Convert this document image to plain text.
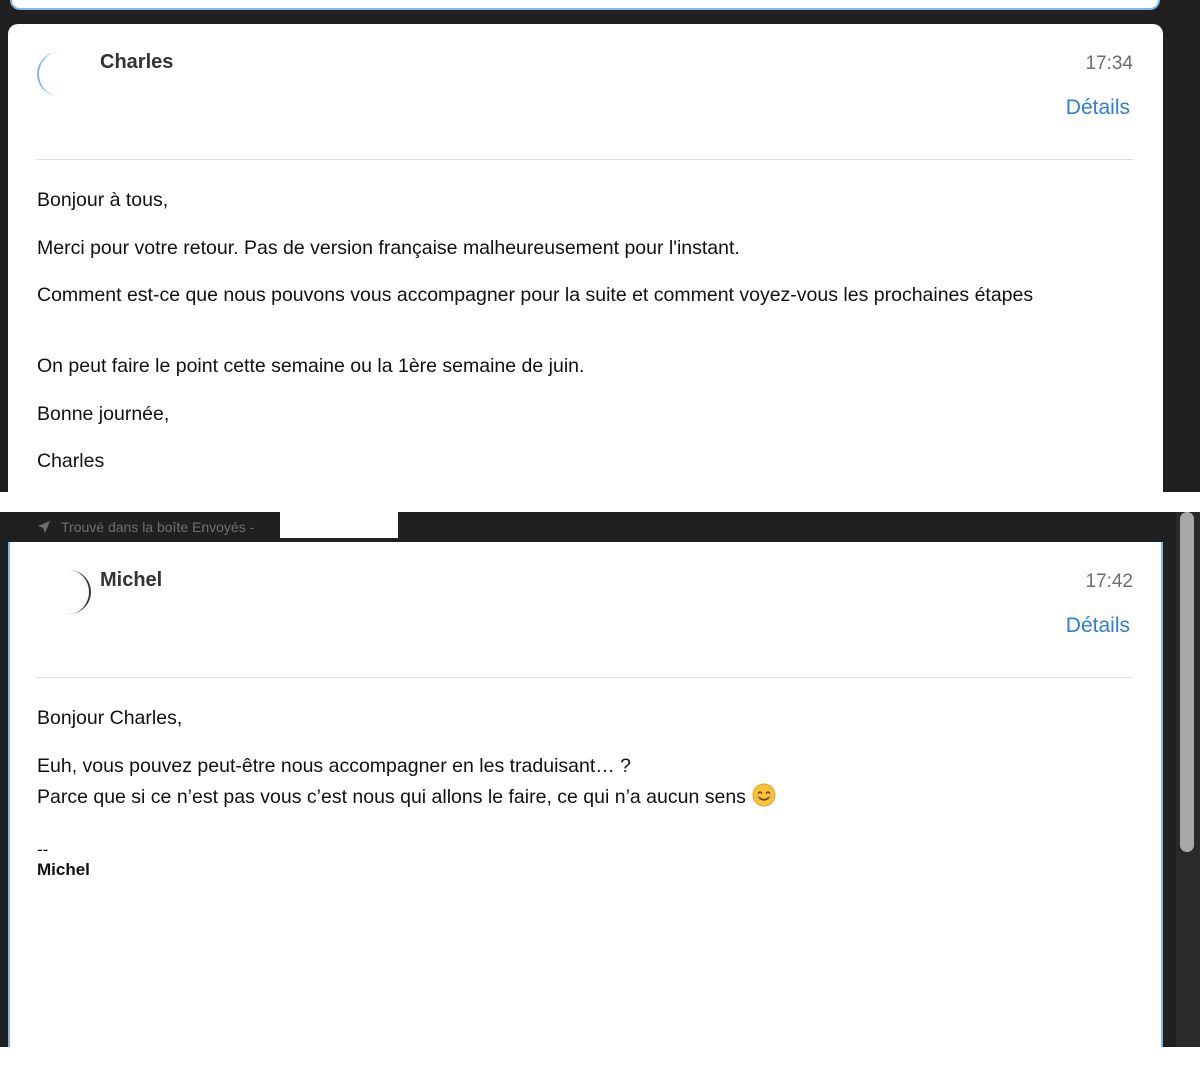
Charles	17:34
Détails
Bonjour à tous,
Merci pour votre retour. Pas de version française malheureusement pour l'instant.
Comment est-ce que nous pouvons vous accompagner pour la suite et comment voyez-vous les prochaines étapes
On peut faire le point cette semaine ou la 1ère semaine de juin.
Bonne journée,
Charles
Trouvé dans la boîte Envoyés -
Michel	17:42
Détails
Bonjour Charles,
Euh, vous pouvez peut-être nous accompagner en les traduisant… ?
Parce que si ce n’est pas vous c’est nous qui allons le faire, ce qui n’a aucun sens
--
Michel
